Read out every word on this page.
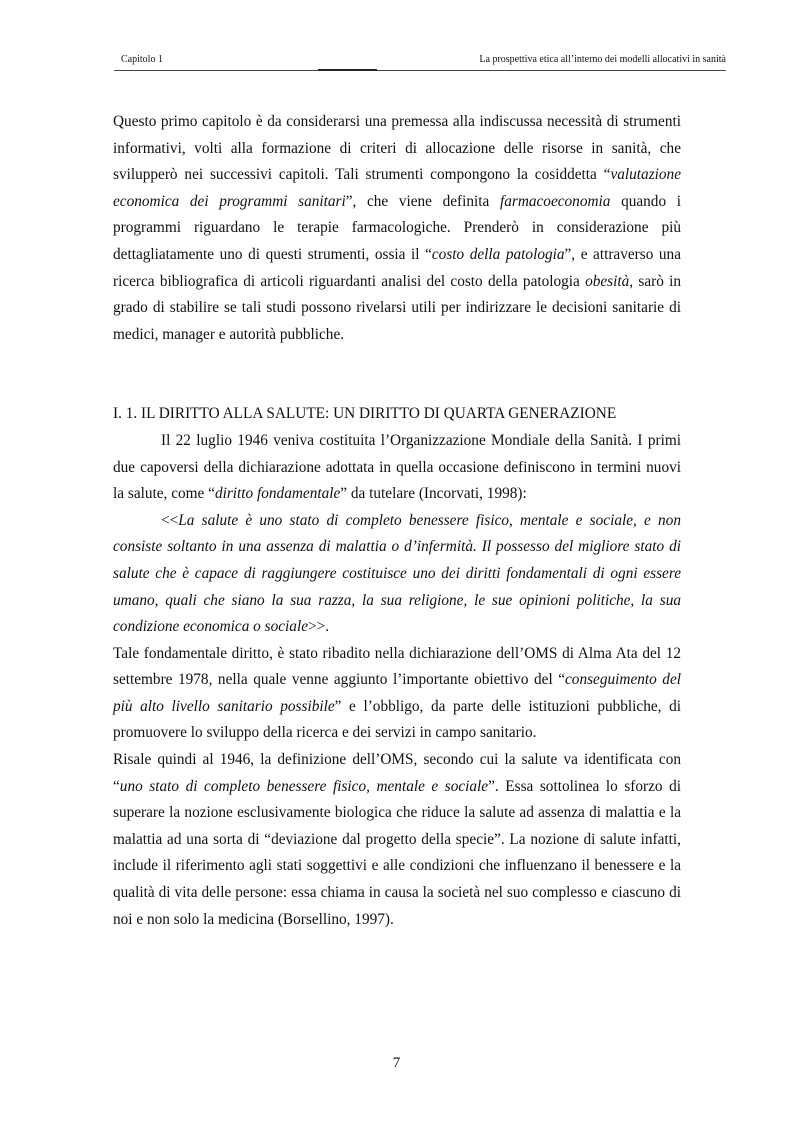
Capitolo 1	La prospettiva etica all’interno dei modelli allocativi in sanità

Questo primo capitolo è da considerarsi una premessa alla indiscussa necessità di strumenti informativi, volti alla formazione di criteri di allocazione delle risorse in sanità, che svilupperò nei successivi capitoli. Tali strumenti compongono la cosiddetta “valutazione economica dei programmi sanitari”, che viene definita farmacoeconomia quando i programmi riguardano le terapie farmacologiche. Prenderò in considerazione più dettagliatamente uno di questi strumenti, ossia il “costo della patologia”, e attraverso una ricerca bibliografica di articoli riguardanti analisi del costo della patologia obesità, sarò in grado di stabilire se tali studi possono rivelarsi utili per indirizzare le decisioni sanitarie di medici, manager e autorità pubbliche.

I. 1. IL DIRITTO ALLA SALUTE: UN DIRITTO DI QUARTA GENERAZIONE

Il 22 luglio 1946 veniva costituita l’Organizzazione Mondiale della Sanità. I primi due capoversi della dichiarazione adottata in quella occasione definiscono in termini nuovi la salute, come “diritto fondamentale” da tutelare (Incorvati, 1998):

<<La salute è uno stato di completo benessere fisico, mentale e sociale, e non consiste soltanto in una assenza di malattia o d’infermità. Il possesso del migliore stato di salute che è capace di raggiungere costituisce uno dei diritti fondamentali di ogni essere umano, quali che siano la sua razza, la sua religione, le sue opinioni politiche, la sua condizione economica o sociale>>.

Tale fondamentale diritto, è stato ribadito nella dichiarazione dell’OMS di Alma Ata del 12 settembre 1978, nella quale venne aggiunto l’importante obiettivo del “conseguimento del più alto livello sanitario possibile” e l’obbligo, da parte delle istituzioni pubbliche, di promuovere lo sviluppo della ricerca e dei servizi in campo sanitario.

Risale quindi al 1946, la definizione dell’OMS, secondo cui la salute va identificata con “uno stato di completo benessere fisico, mentale e sociale”. Essa sottolinea lo sforzo di superare la nozione esclusivamente biologica che riduce la salute ad assenza di malattia e la malattia ad una sorta di “deviazione dal progetto della specie”. La nozione di salute infatti, include il riferimento agli stati soggettivi e alle condizioni che influenzano il benessere e la qualità di vita delle persone: essa chiama in causa la società nel suo complesso e ciascuno di noi e non solo la medicina (Borsellino, 1997).

7
